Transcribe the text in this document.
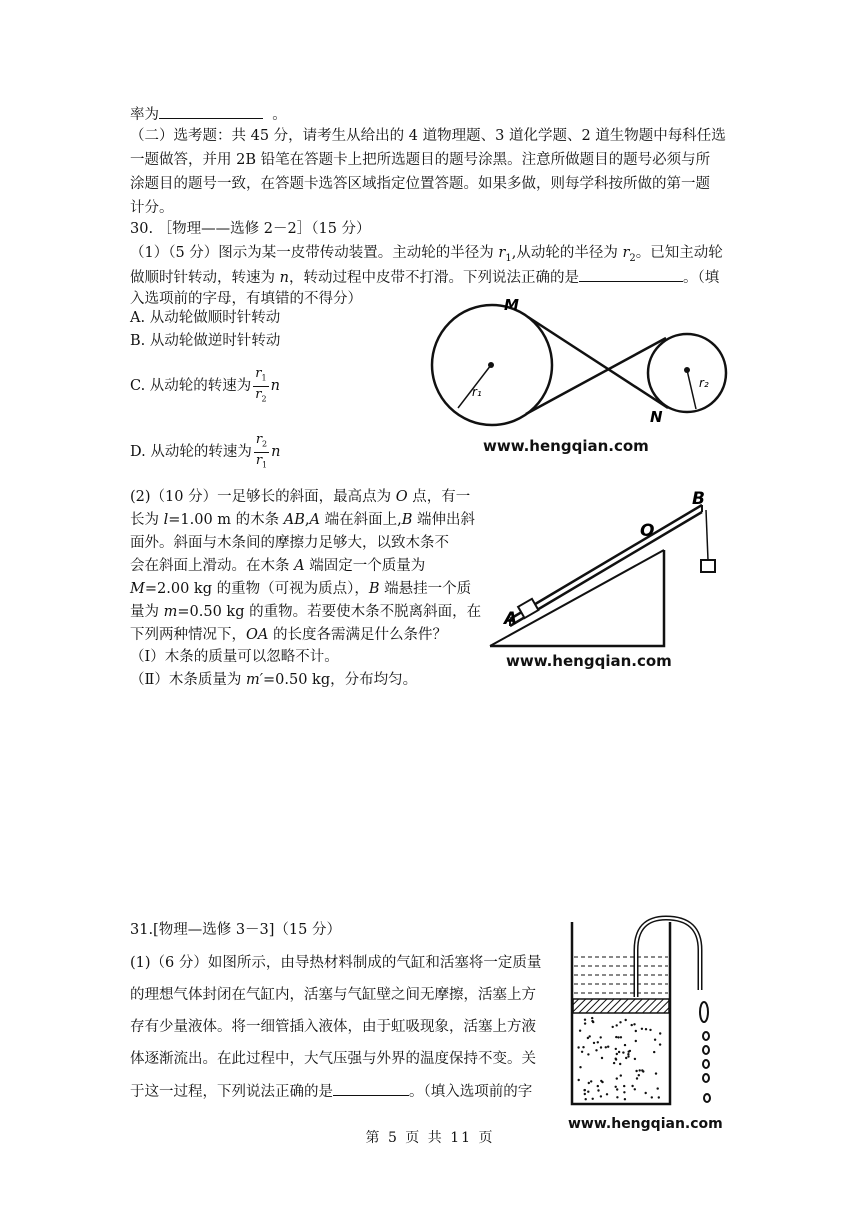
率为	。
（二）选考题：共 45 分，请考生从给出的 4 道物理题、3 道化学题、2 道生物题中每科任选
一题做答，并用 2B 铅笔在答题卡上把所选题目的题号涂黑。注意所做题目的题号必须与所
涂题目的题号一致，在答题卡选答区域指定位置答题。如果多做，则每学科按所做的第一题
计分。
30. ［物理——选修 2－2］（15 分）
（1）（5 分）图示为某一皮带传动装置。主动轮的半径为 $r_1$,从动轮的半径为 $r_2$。已知主动轮
做顺时针转动，转速为 n，转动过程中皮带不打滑。下列说法正确的是	。（填
入选项前的字母，有填错的不得分）
A. 从动轮做顺时针转动
B. 从动轮做逆时针转动
C. 从动轮的转速为 $\frac{r_1}{r_2}$ n
D. 从动轮的转速为 $\frac{r_2}{r_1}$ n
M
N
r₁
r₂
www.hengqian.com
(2)（10 分）一足够长的斜面，最高点为 O 点，有一
长为 l=1.00 m 的木条 AB,A 端在斜面上,B 端伸出斜
面外。斜面与木条间的摩擦力足够大，以致木条不
会在斜面上滑动。在木条 A 端固定一个质量为
M=2.00 kg 的重物（可视为质点），B 端悬挂一个质
量为 m=0.50 kg 的重物。若要使木条不脱离斜面，在
下列两种情况下，OA 的长度各需满足什么条件？
（Ⅰ）木条的质量可以忽略不计。
（Ⅱ）木条质量为 m′=0.50 kg，分布均匀。
B
O
A
www.hengqian.com
31.[物理—选修 3－3]（15 分）
(1)（6 分）如图所示，由导热材料制成的气缸和活塞将一定质量
的理想气体封闭在气缸内，活塞与气缸壁之间无摩擦，活塞上方
存有少量液体。将一细管插入液体，由于虹吸现象，活塞上方液
体逐渐流出。在此过程中，大气压强与外界的温度保持不变。关
于这一过程，下列说法正确的是	。（填入选项前的字
www.hengqian.com
第 5 页 共 11 页
